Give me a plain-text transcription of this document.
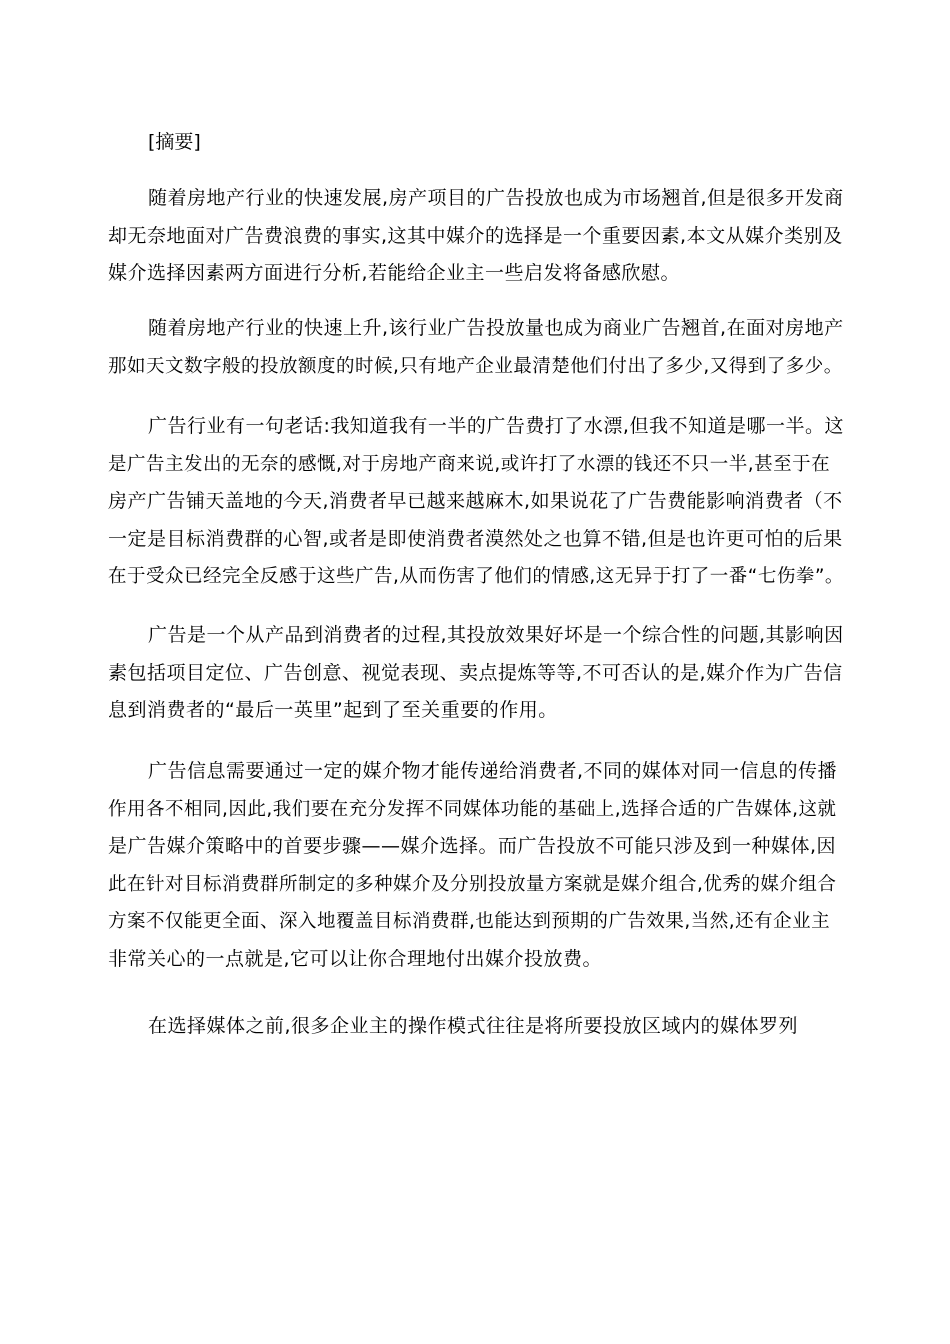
[摘要]

随着房地产行业的快速发展,房产项目的广告投放也成为市场翘首,但是很多开发商
却无奈地面对广告费浪费的事实,这其中媒介的选择是一个重要因素,本文从媒介类别及
媒介选择因素两方面进行分析,若能给企业主一些启发将备感欣慰。
随着房地产行业的快速上升,该行业广告投放量也成为商业广告翘首,在面对房地产
那如天文数字般的投放额度的时候,只有地产企业最清楚他们付出了多少,又得到了多少。
广告行业有一句老话:我知道我有一半的广告费打了水漂,但我不知道是哪一半。这
是广告主发出的无奈的感慨,对于房地产商来说,或许打了水漂的钱还不只一半,甚至于在
房产广告铺天盖地的今天,消费者早已越来越麻木,如果说花了广告费能影响消费者（不
一定是目标消费群的心智,或者是即使消费者漠然处之也算不错,但是也许更可怕的后果
在于受众已经完全反感于这些广告,从而伤害了他们的情感,这无异于打了一番“七伤拳”。
广告是一个从产品到消费者的过程,其投放效果好坏是一个综合性的问题,其影响因
素包括项目定位、广告创意、视觉表现、卖点提炼等等,不可否认的是,媒介作为广告信
息到消费者的“最后一英里”起到了至关重要的作用。
广告信息需要通过一定的媒介物才能传递给消费者,不同的媒体对同一信息的传播
作用各不相同,因此,我们要在充分发挥不同媒体功能的基础上,选择合适的广告媒体,这就
是广告媒介策略中的首要步骤——媒介选择。而广告投放不可能只涉及到一种媒体,因
此在针对目标消费群所制定的多种媒介及分别投放量方案就是媒介组合,优秀的媒介组合
方案不仅能更全面、深入地覆盖目标消费群,也能达到预期的广告效果,当然,还有企业主
非常关心的一点就是,它可以让你合理地付出媒介投放费。
在选择媒体之前,很多企业主的操作模式往往是将所要投放区域内的媒体罗列
